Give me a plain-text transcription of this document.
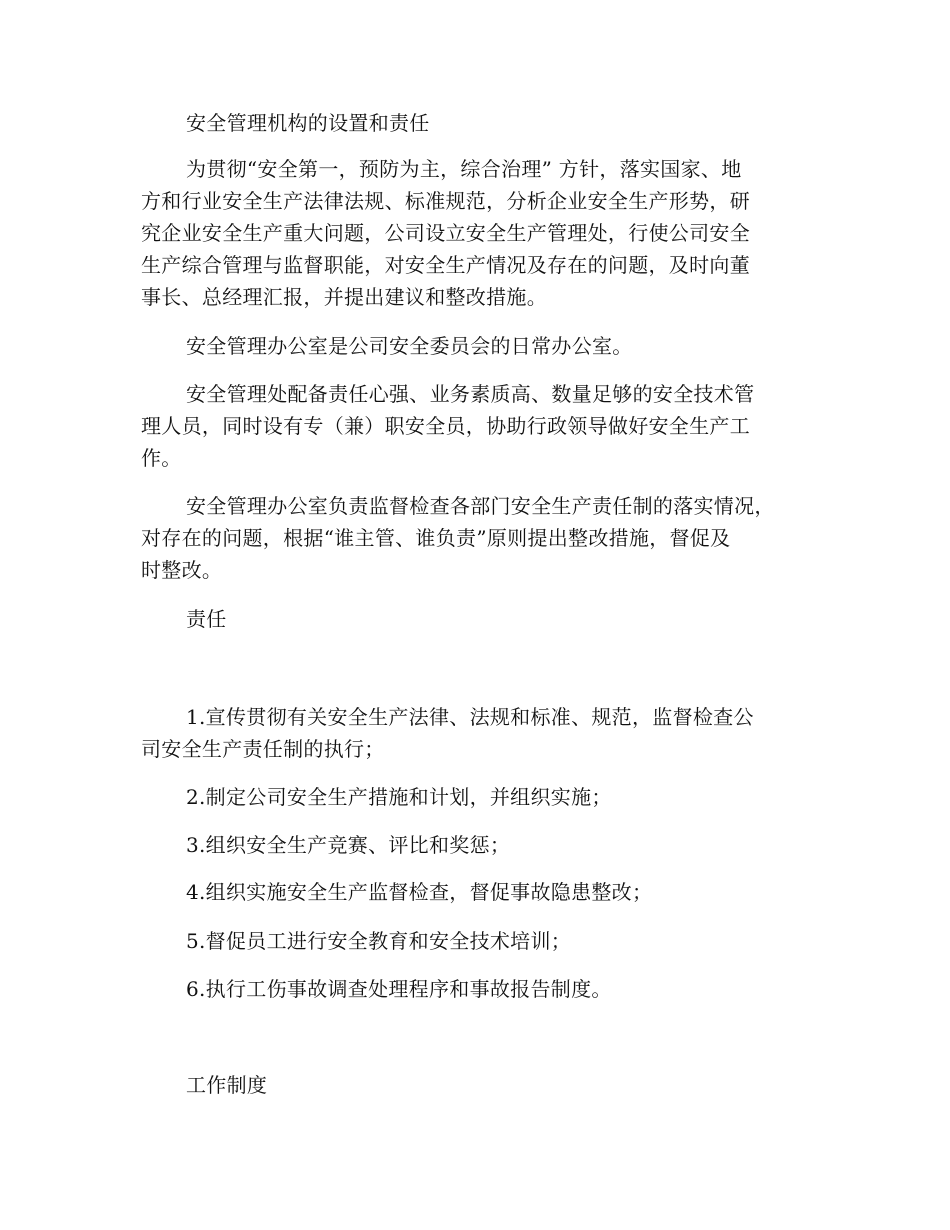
安全管理机构的设置和责任

为贯彻“安全第一，预防为主，综合治理” 方针，落实国家、地
方和行业安全生产法律法规、标准规范，分析企业安全生产形势，研
究企业安全生产重大问题，公司设立安全生产管理处，行使公司安全
生产综合管理与监督职能，对安全生产情况及存在的问题，及时向董
事长、总经理汇报，并提出建议和整改措施。

安全管理办公室是公司安全委员会的日常办公室。

安全管理处配备责任心强、业务素质高、数量足够的安全技术管
理人员，同时设有专（兼）职安全员，协助行政领导做好安全生产工
作。

安全管理办公室负责监督检查各部门安全生产责任制的落实情况，
对存在的问题，根据“谁主管、谁负责”原则提出整改措施，督促及
时整改。

责任

1.宣传贯彻有关安全生产法律、法规和标准、规范，监督检查公
司安全生产责任制的执行；

2.制定公司安全生产措施和计划，并组织实施；

3.组织安全生产竞赛、评比和奖惩；

4.组织实施安全生产监督检查，督促事故隐患整改；

5.督促员工进行安全教育和安全技术培训；

6.执行工伤事故调查处理程序和事故报告制度。

工作制度
